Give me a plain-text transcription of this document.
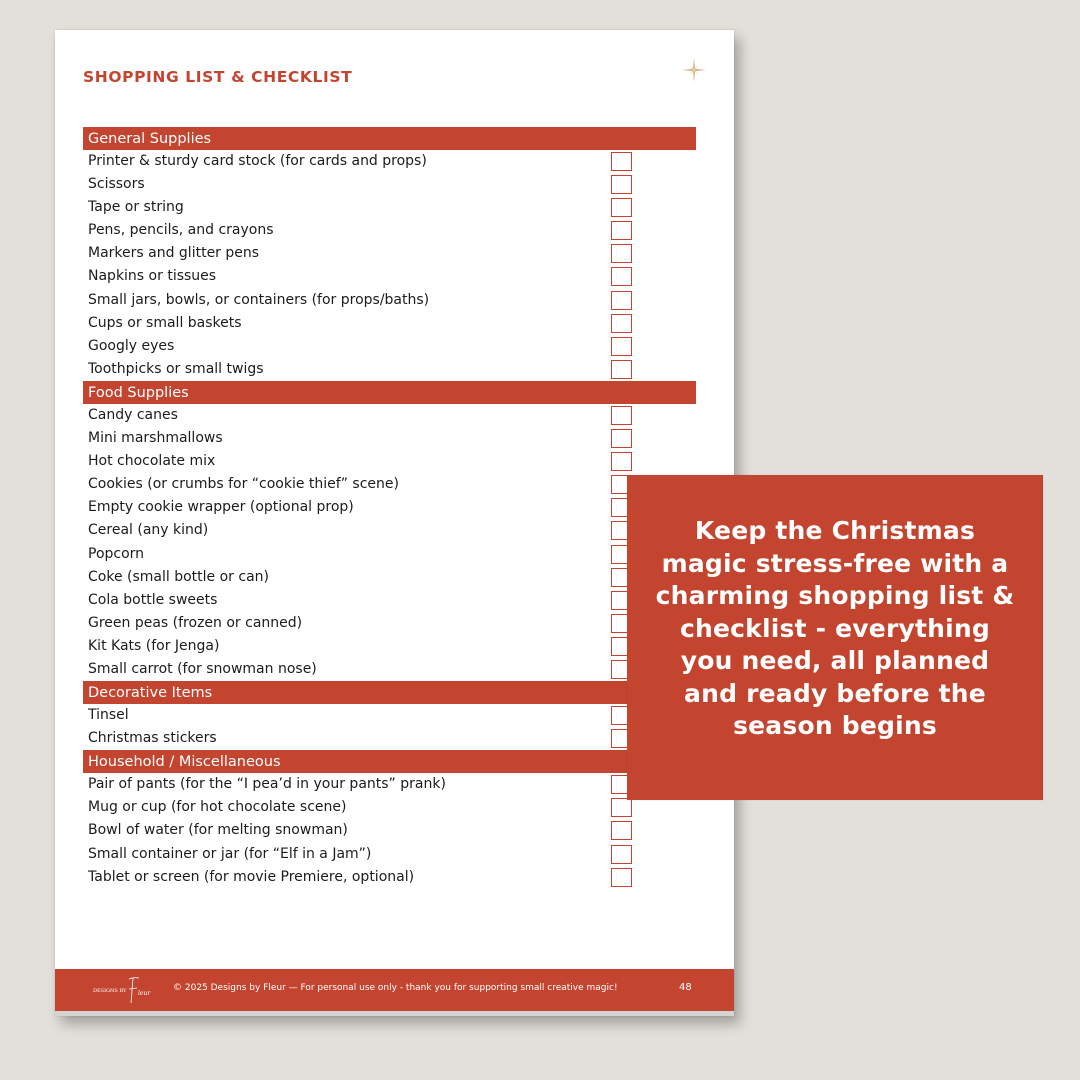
SHOPPING LIST & CHECKLIST
General Supplies
Printer & sturdy card stock (for cards and props)
Scissors
Tape or string
Pens, pencils, and crayons
Markers and glitter pens
Napkins or tissues
Small jars, bowls, or containers (for props/baths)
Cups or small baskets
Googly eyes
Toothpicks or small twigs
Food Supplies
Candy canes
Mini marshmallows
Hot chocolate mix
Cookies (or crumbs for “cookie thief” scene)
Empty cookie wrapper (optional prop)
Cereal (any kind)
Popcorn
Coke (small bottle or can)
Cola bottle sweets
Green peas (frozen or canned)
Kit Kats (for Jenga)
Small carrot (for snowman nose)
Decorative Items
Tinsel
Christmas stickers
Household / Miscellaneous
Pair of pants (for the “I pea’d in your pants” prank)
Mug or cup (for hot chocolate scene)
Bowl of water (for melting snowman)
Small container or jar (for “Elf in a Jam”)
Tablet or screen (for movie Premiere, optional)
DESIGNS BY leur
© 2025 Designs by Fleur — For personal use only - thank you for supporting small creative magic!	48
Keep the Christmas magic stress-free with a charming shopping list & checklist - everything you need, all planned and ready before the season begins
